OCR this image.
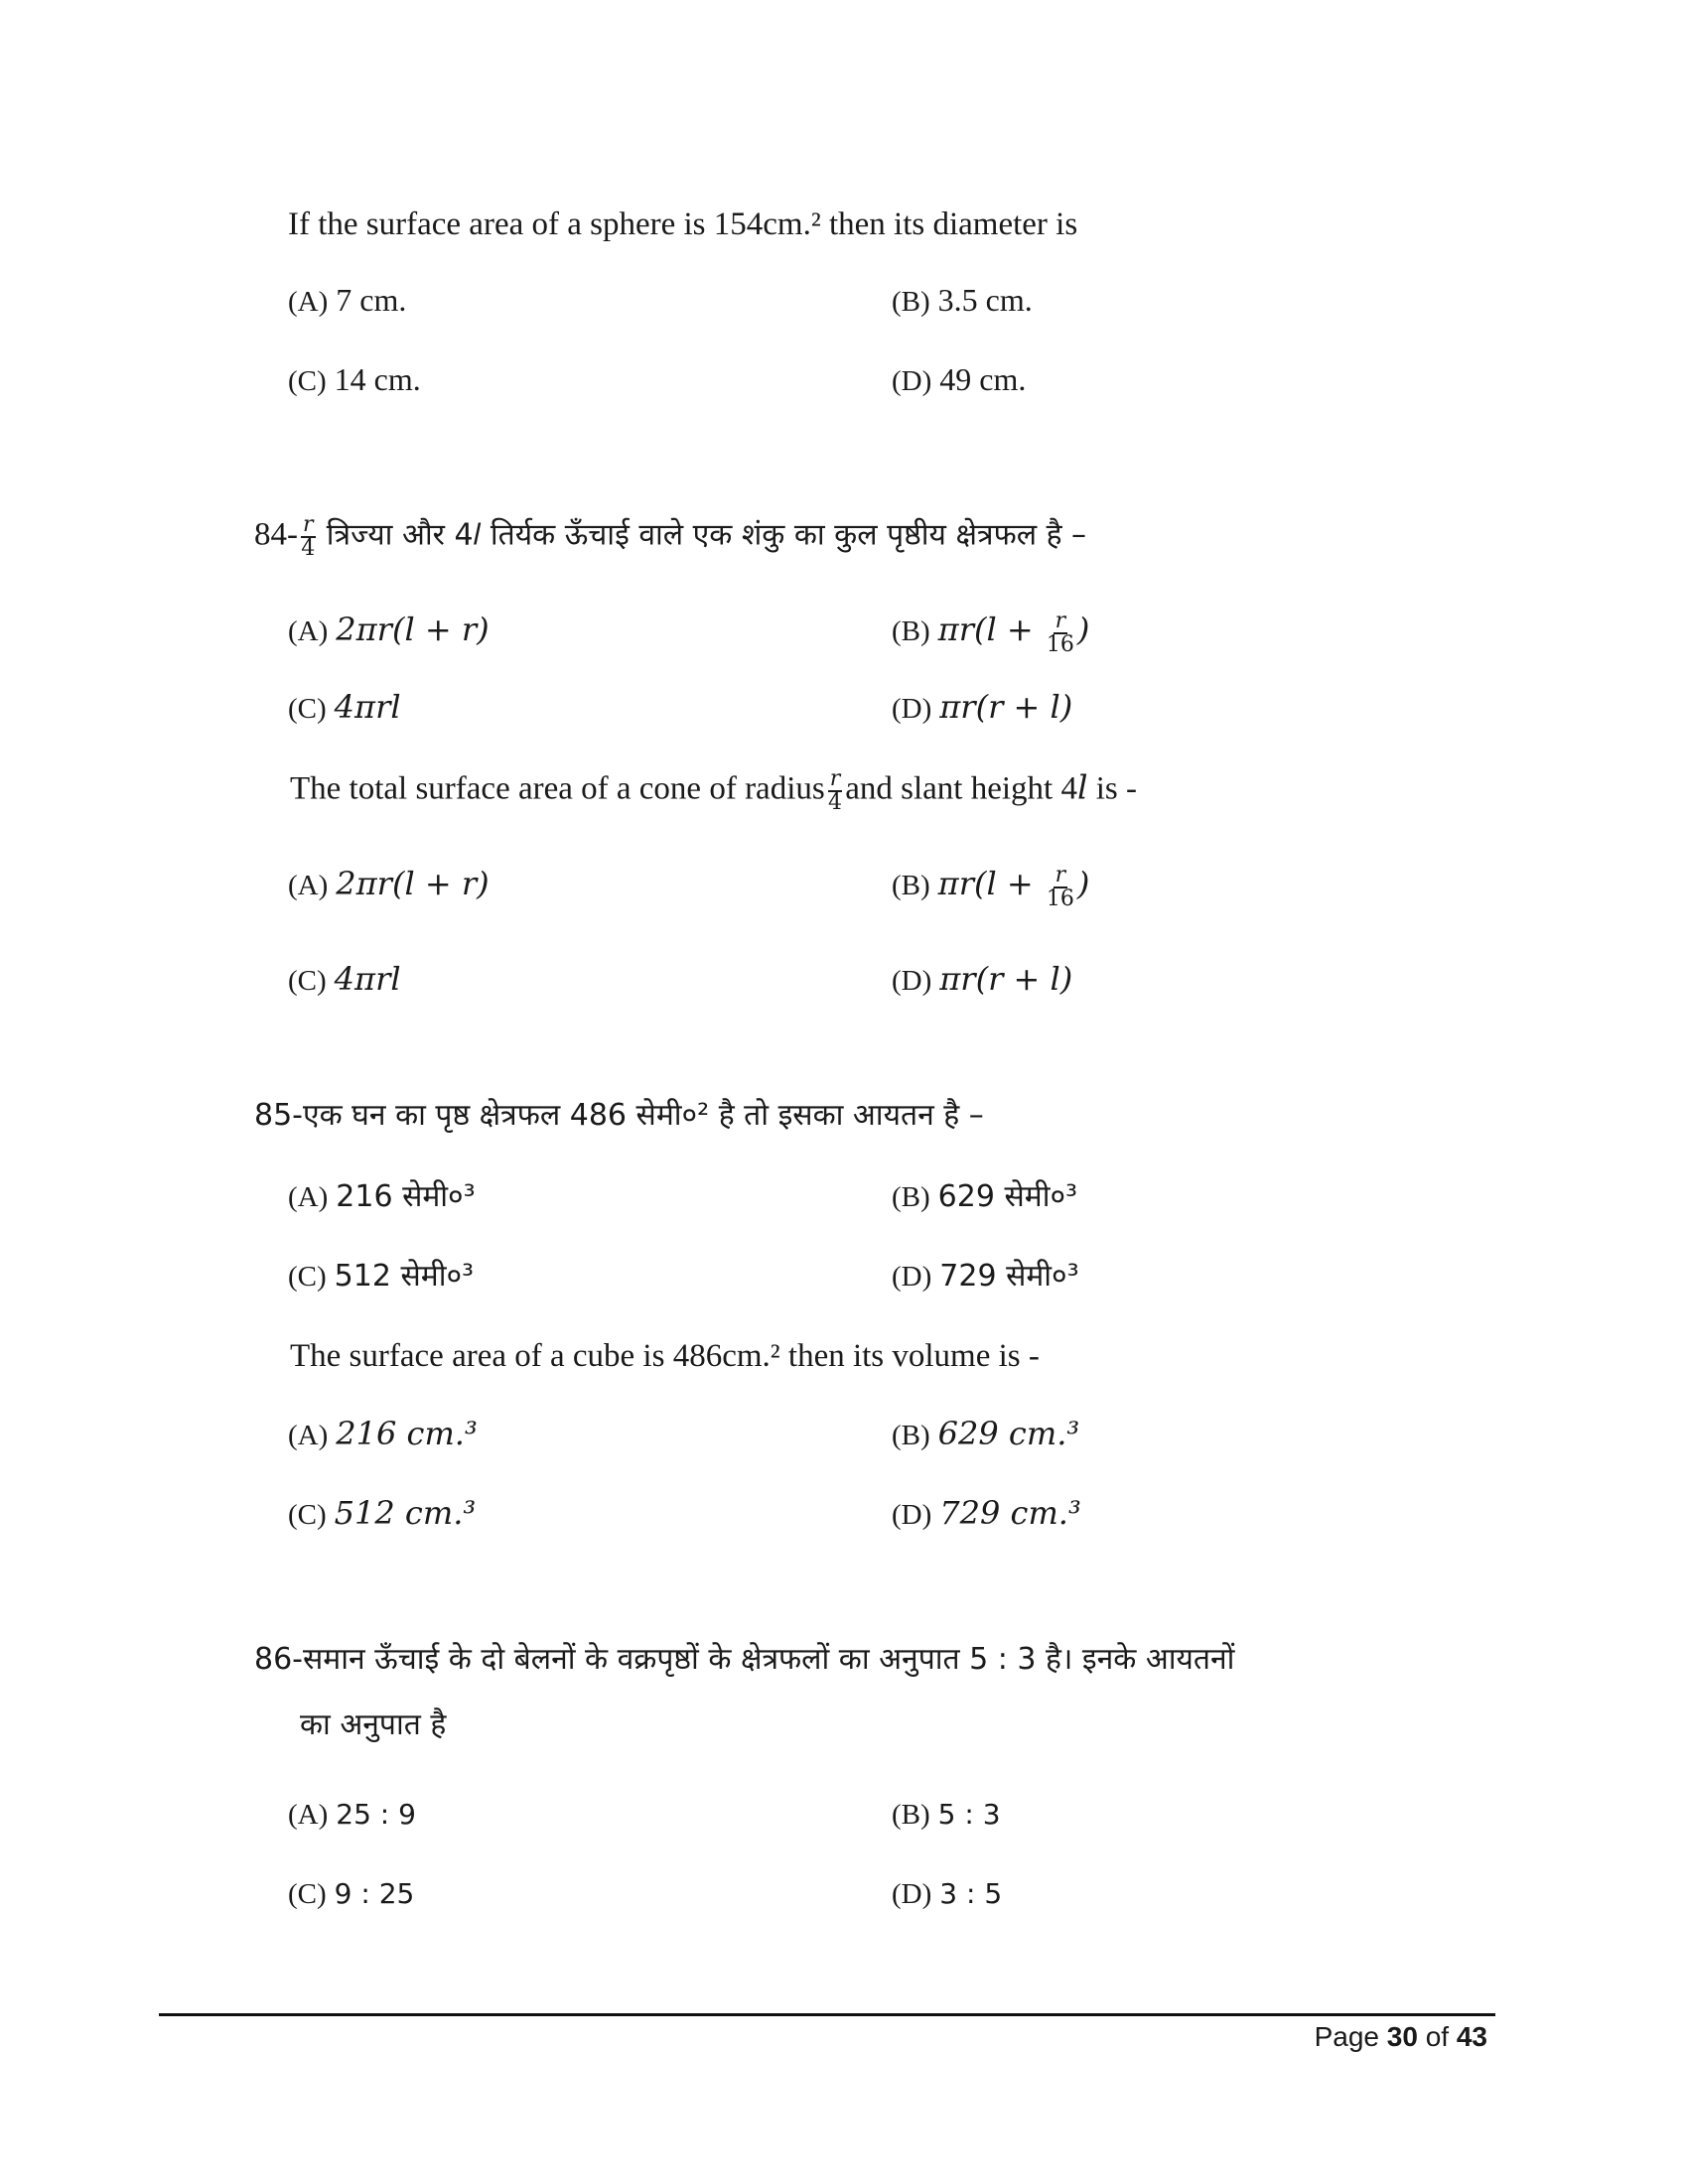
If the surface area of a sphere is 154cm.² then its diameter is
(A) 7 cm.	(B) 3.5 cm.
(C) 14 cm.	(D) 49 cm.
$84- \frac{r}{4}$ त्रिज्या और 4𝑙 तिर्यक ऊँचाई वाले एक शंकु का कुल पृष्ठीय क्षेत्रफल है –
(A) 2πr(l + r)	(B) $\pi r(l + \frac{r}{16}$ )
(C) 4πrl	(D) πr(r + l)
The total surface area of a cone of radius $\frac{r}{4}$ and slant height 4𝑙 is -
(A) 2πr(l + r)	(B) $\pi r(l + \frac{r}{16}$ )
(C) 4πrl	(D) πr(r + l)
85-एक घन का पृष्ठ क्षेत्रफल 486 सेमी०² है तो इसका आयतन है –
(A) 216 सेमी०³	(B) 629 सेमी०³
(C) 512 सेमी०³	(D) 729 सेमी०³
The surface area of a cube is 486cm.² then its volume is -
(A) 216 cm.³	(B) 629 cm.³
(C) 512 cm.³	(D) 729 cm.³
86-समान ऊँचाई के दो बेलनों के वक्रपृष्ठों के क्षेत्रफलों का अनुपात 5 : 3 है। इनके आयतनों
का अनुपात है
(A) 25 : 9	(B) 5 : 3
(C) 9 : 25	(D) 3 : 5
Page 30 of 43
